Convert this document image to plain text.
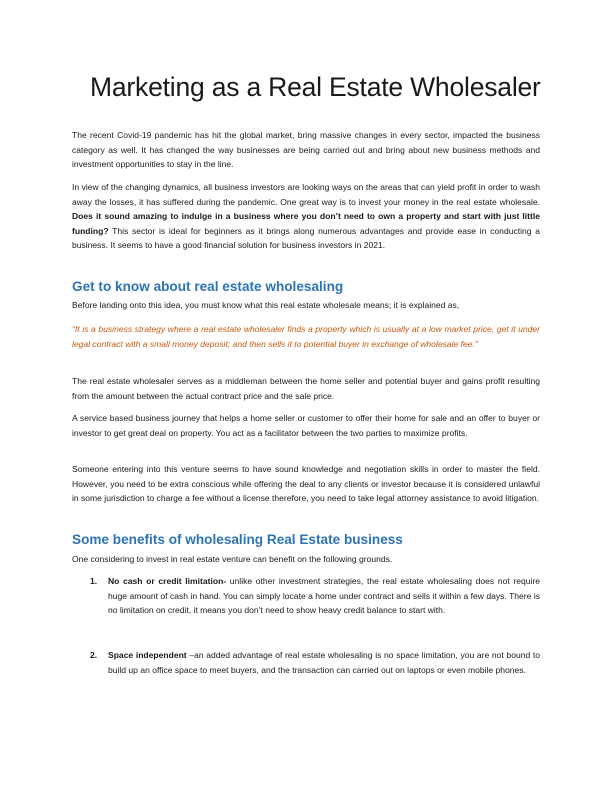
Marketing as a Real Estate Wholesaler

The recent Covid-19 pandemic has hit the global market, bring massive changes in every sector, impacted the business category as well. It has changed the way businesses are being carried out and bring about new business methods and investment opportunities to stay in the line.

In view of the changing dynamics, all business investors are looking ways on the areas that can yield profit in order to wash away the losses, it has suffered during the pandemic. One great way is to invest your money in the real estate wholesale. Does it sound amazing to indulge in a business where you don’t need to own a property and start with just little funding? This sector is ideal for beginners as it brings along numerous advantages and provide ease in conducting a business. It seems to have a good financial solution for business investors in 2021.

Get to know about real estate wholesaling

Before landing onto this idea, you must know what this real estate wholesale means; it is explained as,

“It is a business strategy where a real estate wholesaler finds a property which is usually at a low market price, get it under legal contract with a small money deposit; and then sells it to potential buyer in exchange of wholesale fee.”

The real estate wholesaler serves as a middleman between the home seller and potential buyer and gains profit resulting from the amount between the actual contract price and the sale price.

A service based business journey that helps a home seller or customer to offer their home for sale and an offer to buyer or investor to get great deal on property. You act as a facilitator between the two parties to maximize profits.

Someone entering into this venture seems to have sound knowledge and negotiation skills in order to master the field. However, you need to be extra conscious while offering the deal to any clients or investor because it is considered unlawful in some jurisdiction to charge a fee without a license therefore, you need to take legal attorney assistance to avoid litigation.

Some benefits of wholesaling Real Estate business

One considering to invest in real estate venture can benefit on the following grounds.

1. No cash or credit limitation- unlike other investment strategies, the real estate wholesaling does not require huge amount of cash in hand. You can simply locate a home under contract and sells it within a few days. There is no limitation on credit, it means you don’t need to show heavy credit balance to start with.

2. Space independent –an added advantage of real estate wholesaling is no space limitation, you are not bound to build up an office space to meet buyers, and the transaction can carried out on laptops or even mobile phones.
